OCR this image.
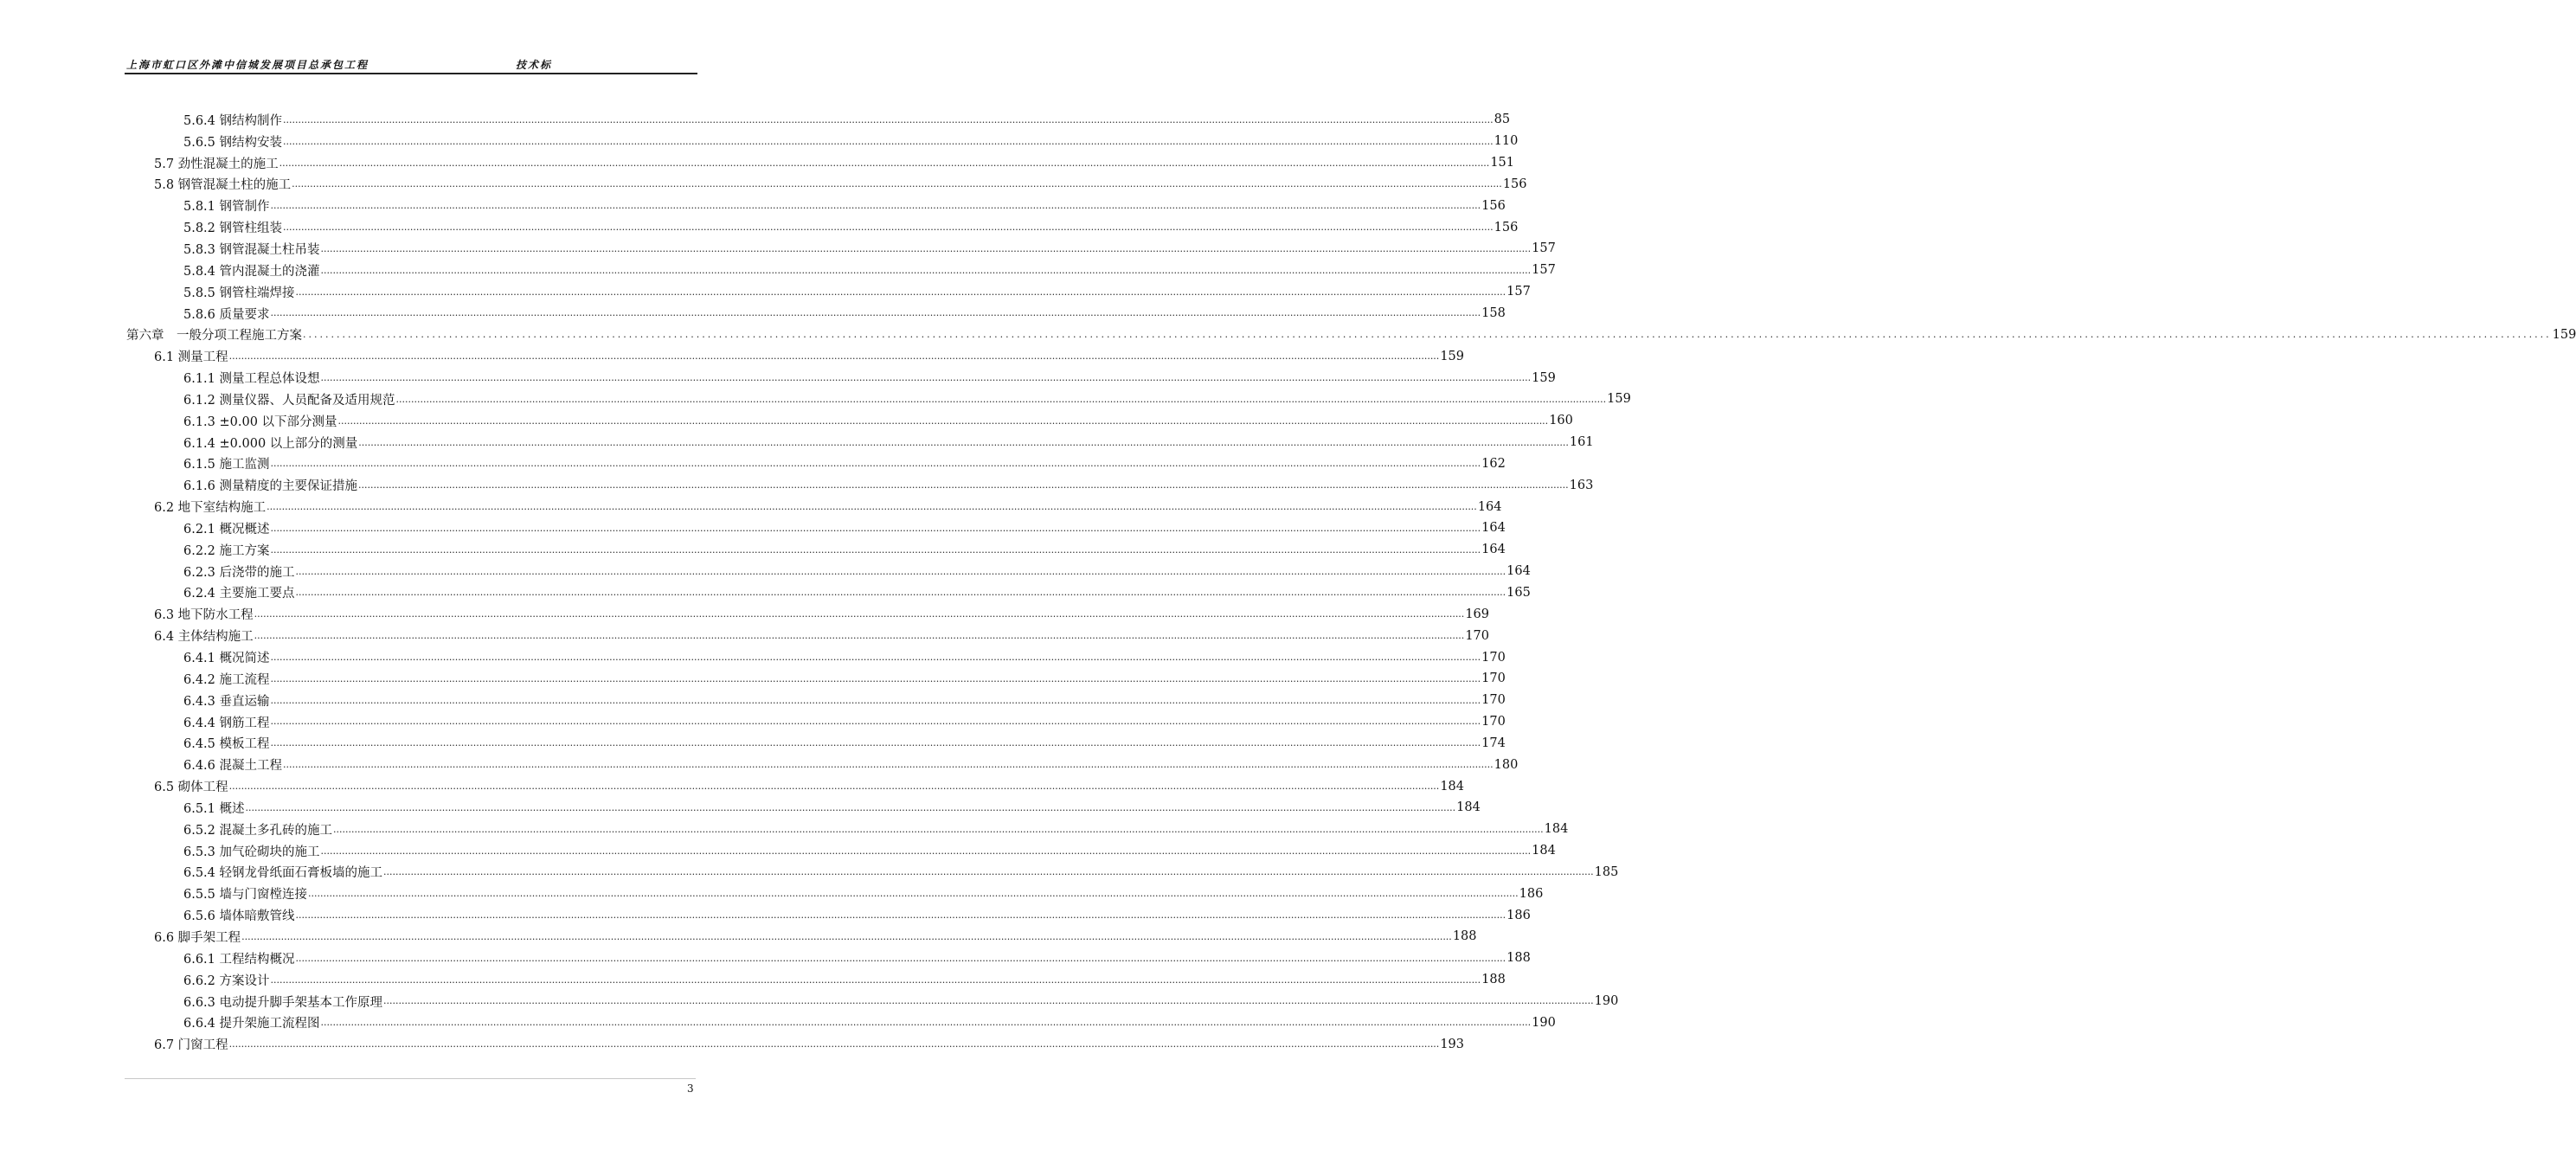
上海市虹口区外滩中信城发展项目总承包工程	技术标
5.6.4 钢结构制作 ................................................................................................................................................................................................................................................................................................................................................................................................................ 85
5.6.5 钢结构安装 ................................................................................................................................................................................................................................................................................................................................................................................................................ 110
5.7 劲性混凝土的施工 ................................................................................................................................................................................................................................................................................................................................................................................................................ 151
5.8 钢管混凝土柱的施工 ................................................................................................................................................................................................................................................................................................................................................................................................................ 156
5.8.1 钢管制作 ................................................................................................................................................................................................................................................................................................................................................................................................................ 156
5.8.2 钢管柱组装 ................................................................................................................................................................................................................................................................................................................................................................................................................ 156
5.8.3 钢管混凝土柱吊装 ................................................................................................................................................................................................................................................................................................................................................................................................................ 157
5.8.4 管内混凝土的浇灌 ................................................................................................................................................................................................................................................................................................................................................................................................................ 157
5.8.5 钢管柱端焊接 ................................................................................................................................................................................................................................................................................................................................................................................................................ 157
5.8.6 质量要求 ................................................................................................................................................................................................................................................................................................................................................................................................................ 158
第六章　一般分项工程施工方案 ................................................................................................................................................................................................................................................................................................................................................................................................................ 159
6.1 测量工程 ................................................................................................................................................................................................................................................................................................................................................................................................................ 159
6.1.1 测量工程总体设想 ................................................................................................................................................................................................................................................................................................................................................................................................................ 159
6.1.2 测量仪器、人员配备及适用规范 ................................................................................................................................................................................................................................................................................................................................................................................................................ 159
6.1.3 ±0.00 以下部分测量 ................................................................................................................................................................................................................................................................................................................................................................................................................ 160
6.1.4 ±0.000 以上部分的测量 ................................................................................................................................................................................................................................................................................................................................................................................................................ 161
6.1.5 施工监测 ................................................................................................................................................................................................................................................................................................................................................................................................................ 162
6.1.6 测量精度的主要保证措施 ................................................................................................................................................................................................................................................................................................................................................................................................................ 163
6.2 地下室结构施工 ................................................................................................................................................................................................................................................................................................................................................................................................................ 164
6.2.1 概况概述 ................................................................................................................................................................................................................................................................................................................................................................................................................ 164
6.2.2 施工方案 ................................................................................................................................................................................................................................................................................................................................................................................................................ 164
6.2.3 后浇带的施工 ................................................................................................................................................................................................................................................................................................................................................................................................................ 164
6.2.4 主要施工要点 ................................................................................................................................................................................................................................................................................................................................................................................................................ 165
6.3 地下防水工程 ................................................................................................................................................................................................................................................................................................................................................................................................................ 169
6.4 主体结构施工 ................................................................................................................................................................................................................................................................................................................................................................................................................ 170
6.4.1 概况简述 ................................................................................................................................................................................................................................................................................................................................................................................................................ 170
6.4.2 施工流程 ................................................................................................................................................................................................................................................................................................................................................................................................................ 170
6.4.3 垂直运输 ................................................................................................................................................................................................................................................................................................................................................................................................................ 170
6.4.4 钢筋工程 ................................................................................................................................................................................................................................................................................................................................................................................................................ 170
6.4.5 模板工程 ................................................................................................................................................................................................................................................................................................................................................................................................................ 174
6.4.6 混凝土工程 ................................................................................................................................................................................................................................................................................................................................................................................................................ 180
6.5 砌体工程 ................................................................................................................................................................................................................................................................................................................................................................................................................ 184
6.5.1 概述 ................................................................................................................................................................................................................................................................................................................................................................................................................ 184
6.5.2 混凝土多孔砖的施工 ................................................................................................................................................................................................................................................................................................................................................................................................................ 184
6.5.3 加气砼砌块的施工 ................................................................................................................................................................................................................................................................................................................................................................................................................ 184
6.5.4 轻钢龙骨纸面石膏板墙的施工 ................................................................................................................................................................................................................................................................................................................................................................................................................ 185
6.5.5 墙与门窗樘连接 ................................................................................................................................................................................................................................................................................................................................................................................................................ 186
6.5.6 墙体暗敷管线 ................................................................................................................................................................................................................................................................................................................................................................................................................ 186
6.6 脚手架工程 ................................................................................................................................................................................................................................................................................................................................................................................................................ 188
6.6.1 工程结构概况 ................................................................................................................................................................................................................................................................................................................................................................................................................ 188
6.6.2 方案设计 ................................................................................................................................................................................................................................................................................................................................................................................................................ 188
6.6.3 电动提升脚手架基本工作原理 ................................................................................................................................................................................................................................................................................................................................................................................................................ 190
6.6.4 提升架施工流程图 ................................................................................................................................................................................................................................................................................................................................................................................................................ 190
6.7 门窗工程 ................................................................................................................................................................................................................................................................................................................................................................................................................ 193
3
